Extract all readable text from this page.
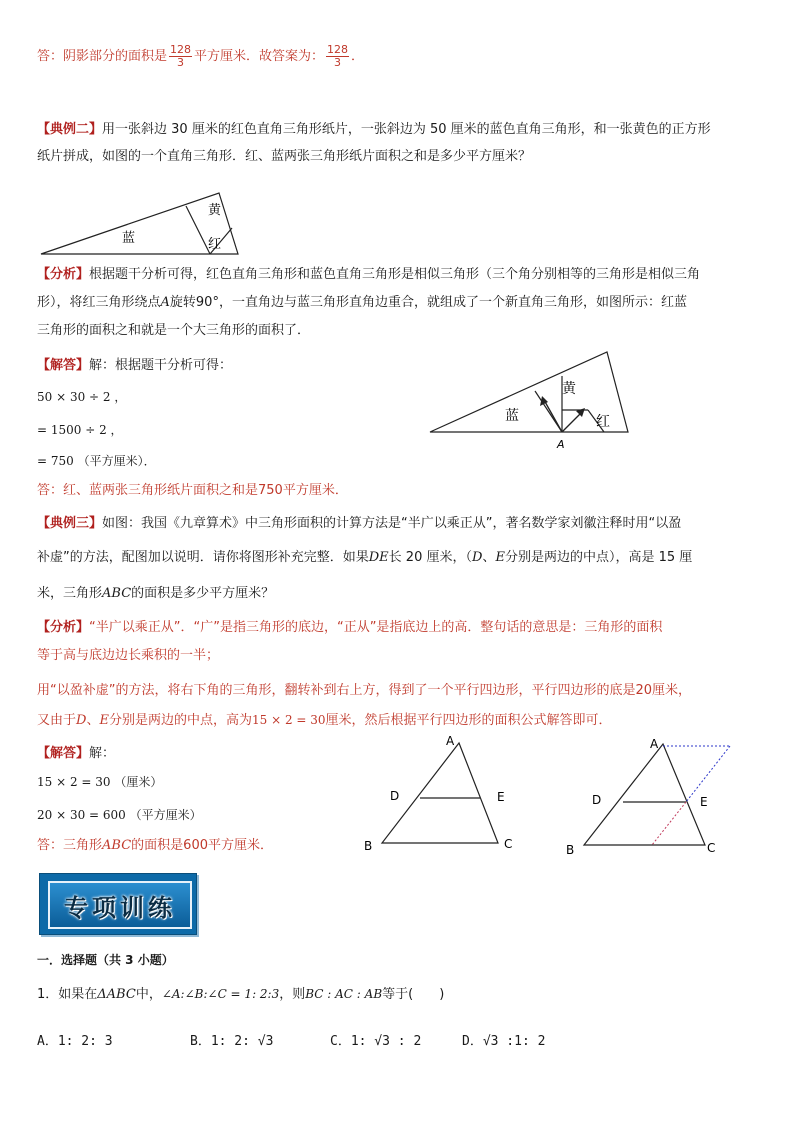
答：阴影部分的面积是 $\frac{128}{3}$ 平方厘米．故答案为： $\frac{128}{3}$ ．
【典例二】用一张斜边 30 厘米的红色直角三角形纸片，一张斜边为 50 厘米的蓝色直角三角形，和一张黄色的正方形
纸片拼成，如图的一个直角三角形．红、蓝两张三角形纸片面积之和是多少平方厘米？
蓝
黄
红
【分析】根据题干分析可得，红色直角三角形和蓝色直角三角形是相似三角形（三个角分别相等的三角形是相似三角
形），将红三角形绕点A旋转90°，一直角边与蓝三角形直角边重合，就组成了一个新直角三角形，如图所示：红蓝
三角形的面积之和就是一个大三角形的面积了．
【解答】解：根据题干分析可得：
50 × 30 ÷ 2 ，
= 1500 ÷ 2 ，
= 750 （平方厘米）．
蓝
黄
红
A
答：红、蓝两张三角形纸片面积之和是750平方厘米．
【典例三】如图：我国《九章算术》中三角形面积的计算方法是“半广以乘正从”，著名数学家刘徽注释时用“以盈
补虚”的方法，配图加以说明．请你将图形补充完整．如果DE长 20 厘米，（D、E分别是两边的中点），高是 15 厘
米，三角形ABC的面积是多少平方厘米？
【分析】“半广以乘正从”．“广”是指三角形的底边，“正从”是指底边上的高．整句话的意思是：三角形的面积
等于高与底边边长乘积的一半；
用“以盈补虚”的方法，将右下角的三角形，翻转补到右上方，得到了一个平行四边形，平行四边形的底是20厘米，
又由于D、E分别是两边的中点，高为15 × 2 = 30厘米，然后根据平行四边形的面积公式解答即可．
【解答】解：
15 × 2 = 30 （厘米）
20 × 30 = 600 （平方厘米）
答：三角形ABC的面积是600平方厘米．
A
D	E
B	C
A
D	E
B	C
专项训练
一．选择题（共 3 小题）
1．如果在ΔABC中，∠A:∠B:∠C = 1: 2:3，则BC : AC : AB等于(　　)
A．1: 2: 3	B．1: 2: √3	C．1: √3 : 2	D．√3 :1: 2
